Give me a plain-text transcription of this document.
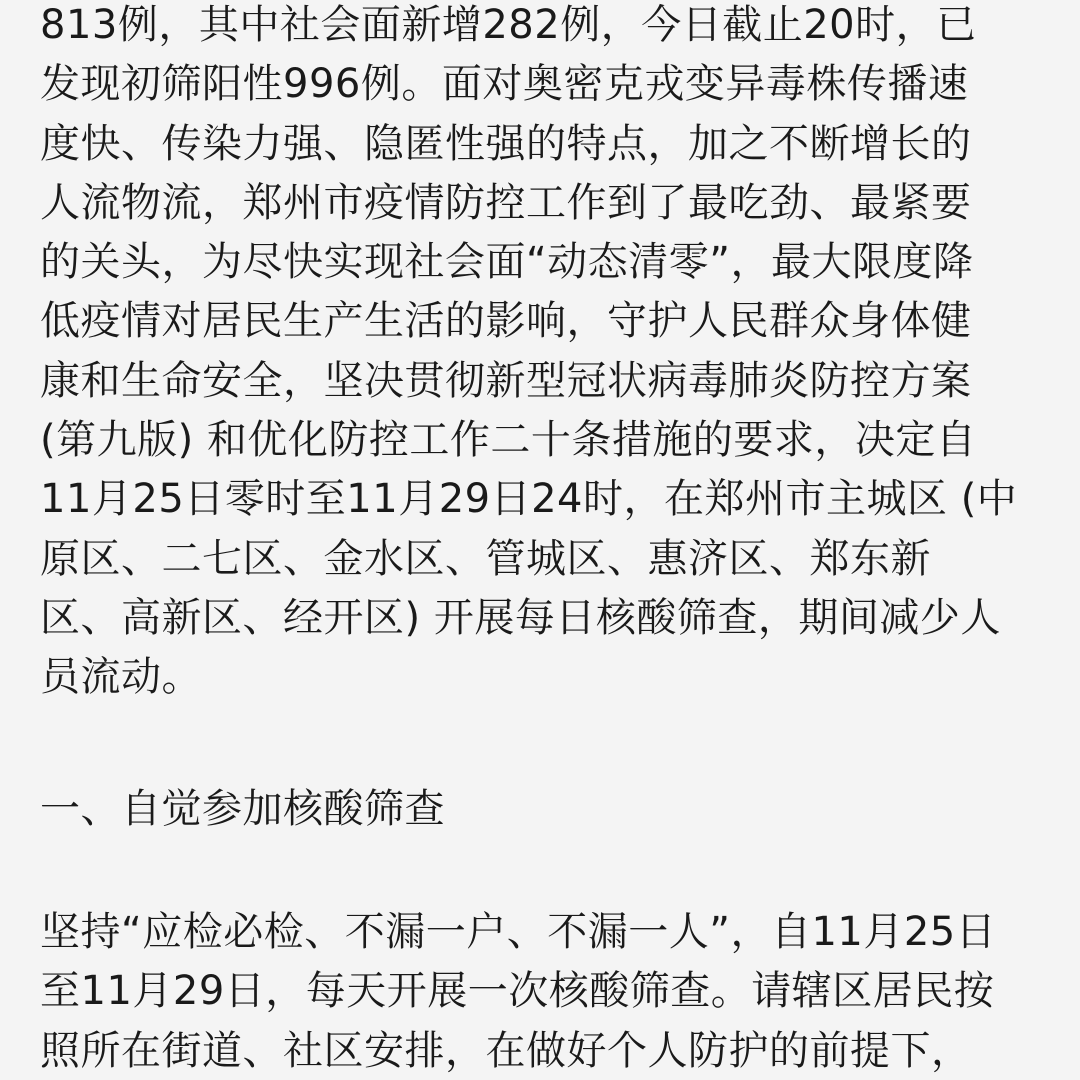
813例，其中社会面新增282例，今日截止20时，已
发现初筛阳性996例。面对奥密克戎变异毒株传播速
度快、传染力强、隐匿性强的特点，加之不断增长的
人流物流，郑州市疫情防控工作到了最吃劲、最紧要
的关头，为尽快实现社会面“动态清零”，最大限度降
低疫情对居民生产生活的影响，守护人民群众身体健
康和生命安全，坚决贯彻新型冠状病毒肺炎防控方案
(第九版) 和优化防控工作二十条措施的要求，决定自
11月25日零时至11月29日24时，在郑州市主城区 (中
原区、二七区、金水区、管城区、惠济区、郑东新
区、高新区、经开区) 开展每日核酸筛查，期间减少人
员流动。
一、自觉参加核酸筛查
坚持“应检必检、不漏一户、不漏一人”，自11月25日
至11月29日，每天开展一次核酸筛查。请辖区居民按
照所在街道、社区安排，在做好个人防护的前提下，
